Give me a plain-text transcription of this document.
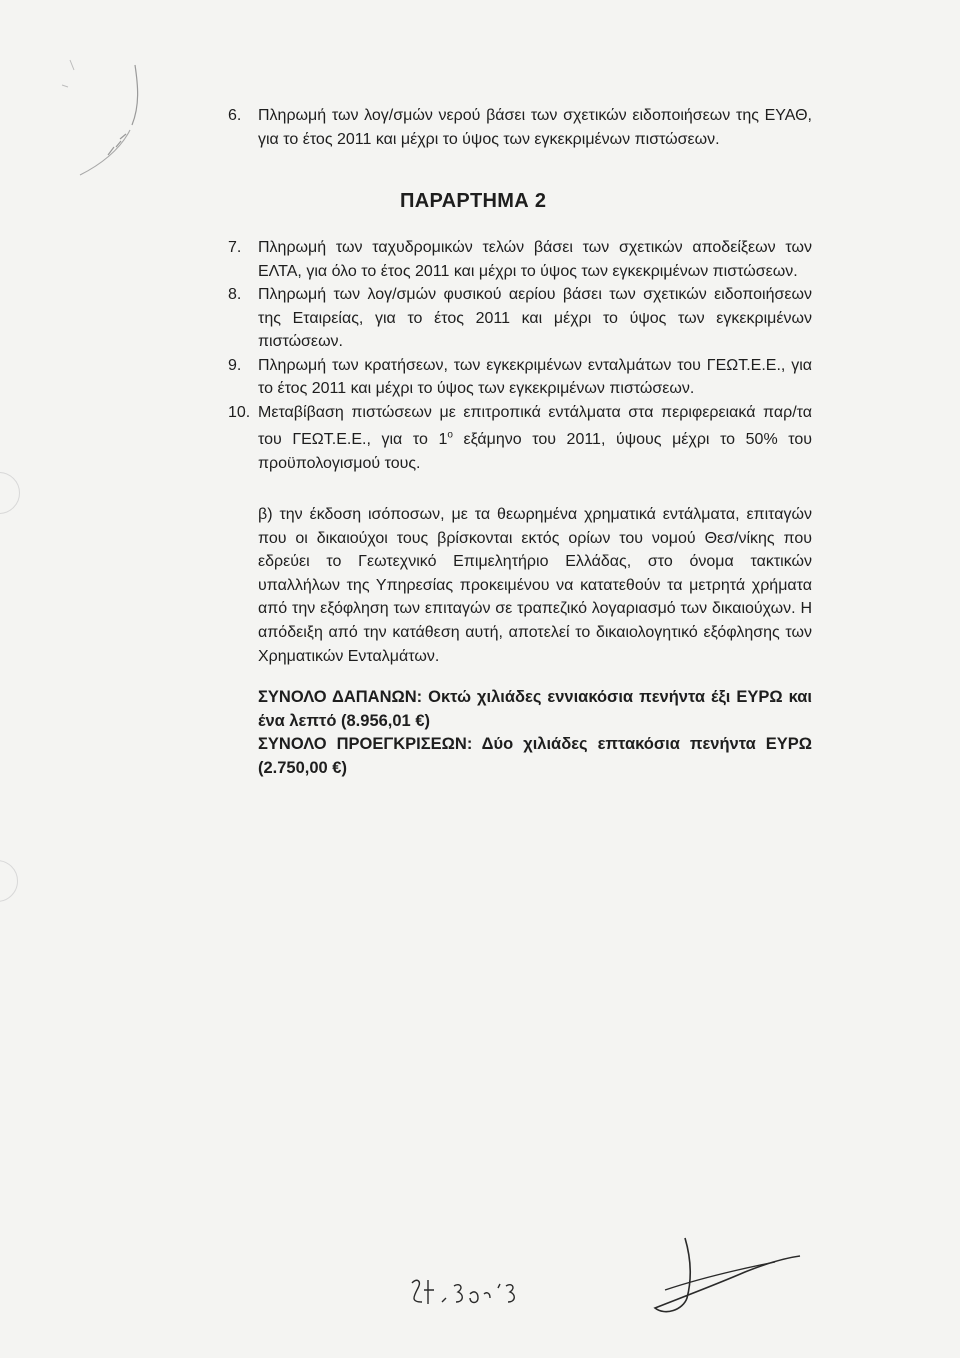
6. Πληρωμή των λογ/σμών νερού βάσει των σχετικών ειδοποιήσεων της ΕΥΑΘ, για το έτος 2011 και μέχρι το ύψος των εγκεκριμένων πιστώσεων.
ΠΑΡΑΡΤΗΜΑ 2
7. Πληρωμή των ταχυδρομικών τελών βάσει των σχετικών αποδείξεων των ΕΛΤΑ, για όλο το έτος 2011 και μέχρι το ύψος των εγκεκριμένων πιστώσεων.
8. Πληρωμή των λογ/σμών φυσικού αερίου βάσει των σχετικών ειδοποιήσεων της Εταιρείας, για το έτος 2011 και μέχρι το ύψος των εγκεκριμένων πιστώσεων.
9. Πληρωμή των κρατήσεων, των εγκεκριμένων ενταλμάτων του ΓΕΩΤ.Ε.Ε., για το έτος 2011 και μέχρι το ύψος των εγκεκριμένων πιστώσεων.
10. Μεταβίβαση πιστώσεων με επιτροπικά εντάλματα στα περιφερειακά παρ/τα του ΓΕΩΤ.Ε.Ε., για το $1^o$ εξάμηνο του 2011, ύψους μέχρι το 50% του προϋπολογισμού τους.

β) την έκδοση ισόποσων, με τα θεωρημένα χρηματικά εντάλματα, επιταγών που οι δικαιούχοι τους βρίσκονται εκτός ορίων του νομού Θεσ/νίκης που εδρεύει το Γεωτεχνικό Επιμελητήριο Ελλάδας, στο όνομα τακτικών υπαλλήλων της Υπηρεσίας προκειμένου να κατατεθούν τα μετρητά χρήματα από την εξόφληση των επιταγών σε τραπεζικό λογαριασμό των δικαιούχων. Η απόδειξη από την κατάθεση αυτή, αποτελεί το δικαιολογητικό εξόφλησης των Χρηματικών Ενταλμάτων.

ΣΥΝΟΛΟ ΔΑΠΑΝΩΝ: Οκτώ χιλιάδες εννιακόσια πενήντα έξι ΕΥΡΩ και ένα λεπτό (8.956,01 €)

ΣΥΝΟΛΟ ΠΡΟΕΓΚΡΙΣΕΩΝ: Δύο χιλιάδες επτακόσια πενήντα ΕΥΡΩ (2.750,00 €)
